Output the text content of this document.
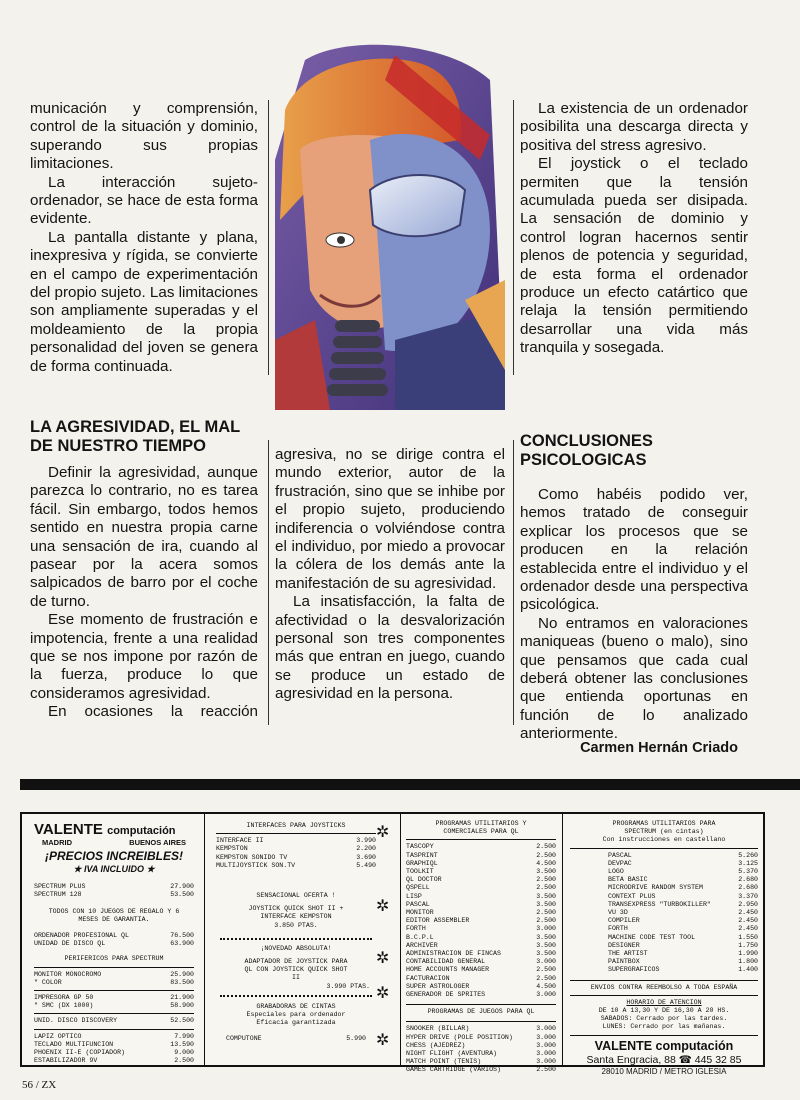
municación y comprensión, control de la situación y dominio, superando sus propias limitaciones.

La interacción sujeto-ordenador, se hace de esta forma evidente.

La pantalla distante y plana, inexpresiva y rígida, se convierte en el campo de experimentación del propio sujeto. Las limitaciones son ampliamente superadas y el moldeamiento de la propia personalidad del joven se genera de forma continuada.

La existencia de un ordenador posibilita una descarga directa y positiva del stress agresivo.

El joystick o el teclado permiten que la tensión acumulada pueda ser disipada. La sensación de dominio y control logran hacernos sentir plenos de potencia y seguridad, de esta forma el ordenador produce un efecto catártico que relaja la tensión permitiendo desarrollar una vida más tranquila y sosegada.

LA AGRESIVIDAD, EL MAL DE NUESTRO TIEMPO	CONCLUSIONES PSICOLOGICAS

Definir la agresividad, aunque parezca lo contrario, no es tarea fácil. Sin embargo, todos hemos sentido en nuestra propia carne una sensación de ira, cuando al pasear por la acera somos salpicados de barro por el coche de turno.

Ese momento de frustración e impotencia, frente a una realidad que se nos impone por razón de la fuerza, produce lo que consideramos agresividad.

En ocasiones la reacción

agresiva, no se dirige contra el mundo exterior, autor de la frustración, sino que se inhibe por el propio sujeto, produciendo indiferencia o volviéndose contra el individuo, por miedo a provocar la cólera de los demás ante la manifestación de su agresividad.

La insatisfacción, la falta de afectividad o la desvalorización personal son tres componentes más que entran en juego, cuando se produce un estado de agresividad en la persona.

Como habéis podido ver, hemos tratado de conseguir explicar los procesos que se producen en la relación establecida entre el individuo y el ordenador desde una perspectiva psicológica.

No entramos en valoraciones maniqueas (bueno o malo), sino que pensamos que cada cual deberá obtener las conclusiones que entienda oportunas en función de lo analizado anteriormente.

Carmen Hernán Criado
VALENTE computación
MADRID	BUENOS AIRES
¡PRECIOS INCREIBLES!
★ IVA INCLUIDO ★
SPECTRUM PLUS	27.900
SPECTRUM 128	53.500
TODOS CON 10 JUEGOS DE REGALO Y 6 MESES DE GARANTIA.
ORDENADOR PROFESIONAL QL	76.500
UNIDAD DE DISCO QL	63.900
PERIFERICOS PARA SPECTRUM
MONITOR MONOCROMO	25.900
" COLOR	83.500
IMPRESORA GP 50	21.900
" SMC (DX 1000)	58.900
UNID. DISCO DISCOVERY	52.500
LAPIZ OPTICO	7.990
TECLADO MULTIFUNCION	13.590
PHOENIX II-E (COPIADOR)	9.000
ESTABILIZADOR 9V	2.500
INTERFACES PARA JOYSTICKS
INTERFACE II	3.990
KEMPSTON	2.200
KEMPSTON SONIDO TV	3.690
MULTIJOYSTICK SON.TV	5.490
SENSACIONAL OFERTA !
JOYSTICK QUICK SHOT II + INTERFACE KEMPSTON
3.850 PTAS.
¡NOVEDAD ABSOLUTA!
ADAPTADOR DE JOYSTICK PARA QL CON JOYSTICK QUICK SHOT II
3.990 PTAS.
GRABADORAS DE CINTAS
Especiales para ordenador Eficacia garantizada
COMPUTONE	5.990
✲
✲
✲
✲
✲
PROGRAMAS UTILITARIOS Y COMERCIALES PARA QL
TASCOPY	2.500
TASPRINT	2.500
GRAPHIQL	4.500
TOOLKIT	3.500
QL DOCTOR	2.500
QSPELL	2.500
LISP	3.500
PASCAL	3.500
MONITOR	2.500
EDITOR ASSEMBLER	2.500
FORTH	3.000
B.C.P.L	3.500
ARCHIVER	3.500
ADMINISTRACION DE FINCAS	3.500
CONTABILIDAD GENERAL	3.000
HOME ACCOUNTS MANAGER	2.500
FACTURACION	2.500
SUPER ASTROLOGER	4.500
GENERADOR DE SPRITES	3.000
PROGRAMAS DE JUEGOS PARA QL
SNOOKER (BILLAR)	3.000
HYPER DRIVE (POLE POSITION)	3.000
CHESS (AJEDREZ)	3.000
NIGHT FLIGHT (AVENTURA)	3.000
MATCH POINT (TENIS)	3.000
GAMES CARTRIDGE (VARIOS)	2.500
PROGRAMAS UTILITARIOS PARA SPECTRUM (en cintas)
Con instrucciones en castellano
PASCAL	5.260
DEVPAC	3.125
LOGO	5.370
BETA BASIC	2.680
MICRODRIVE RANDOM SYSTEM	2.680
CONTEXT PLUS	3.370
TRANSEXPRESS "TURBOKILLER"	2.950
VU 3D	2.450
COMPILER	2.450
FORTH	2.450
MACHINE CODE TEST TOOL	1.550
DESIGNER	1.750
THE ARTIST	1.990
PAINTBOX	1.800
SUPERGRAFICOS	1.400
ENVIOS CONTRA REEMBOLSO A TODA ESPAÑA
HORARIO DE ATENCION
DE 10 A 13,30 Y DE 16,30 A 20 HS.
SABADOS: Cerrado por las tardes.
LUNES: Cerrado por las mañanas.
VALENTE computación
Santa Engracia, 88 ☎ 445 32 85
28010 MADRID / METRO IGLESIA
56 / ZX
